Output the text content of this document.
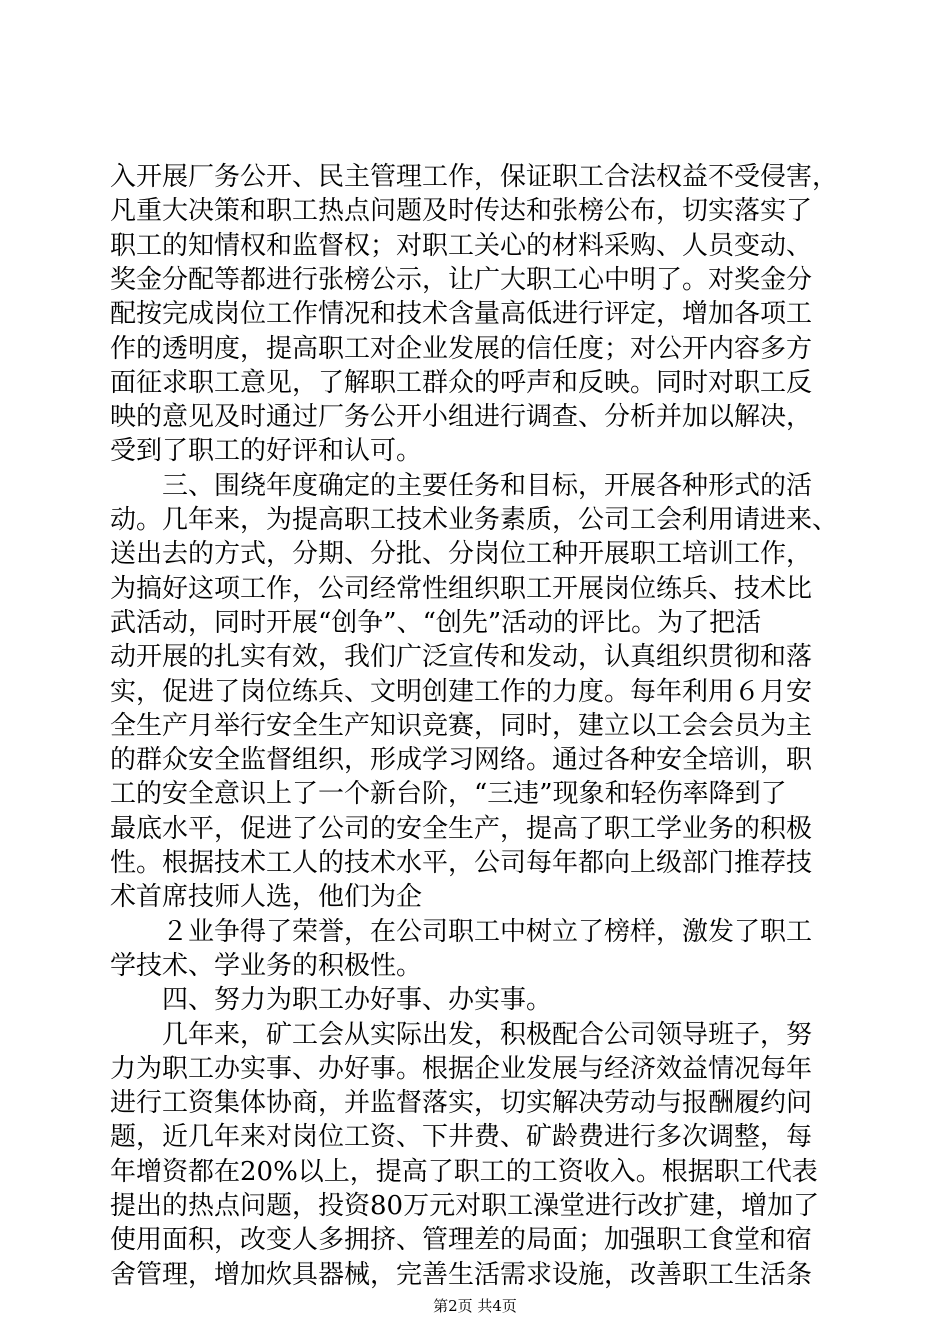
入开展厂务公开、民主管理工作，保证职工合法权益不受侵害，
凡重大决策和职工热点问题及时传达和张榜公布，切实落实了
职工的知情权和监督权；对职工关心的材料采购、人员变动、
奖金分配等都进行张榜公示，让广大职工心中明了。对奖金分
配按完成岗位工作情况和技术含量高低进行评定，增加各项工
作的透明度，提高职工对企业发展的信任度；对公开内容多方
面征求职工意见，了解职工群众的呼声和反映。同时对职工反
映的意见及时通过厂务公开小组进行调查、分析并加以解决，
受到了职工的好评和认可。
　　三、围绕年度确定的主要任务和目标，开展各种形式的活
动。几年来，为提高职工技术业务素质，公司工会利用请进来、
送出去的方式，分期、分批、分岗位工种开展职工培训工作，
为搞好这项工作，公司经常性组织职工开展岗位练兵、技术比
武活动，同时开展“创争”、“创先”活动的评比。为了把活
动开展的扎实有效，我们广泛宣传和发动，认真组织贯彻和落
实，促进了岗位练兵、文明创建工作的力度。每年利用６月安
全生产月举行安全生产知识竞赛，同时，建立以工会会员为主
的群众安全监督组织，形成学习网络。通过各种安全培训，职
工的安全意识上了一个新台阶，“三违”现象和轻伤率降到了
最底水平，促进了公司的安全生产，提高了职工学业务的积极
性。根据技术工人的技术水平，公司每年都向上级部门推荐技
术首席技师人选，他们为企
　　２业争得了荣誉，在公司职工中树立了榜样，激发了职工
学技术、学业务的积极性。
　　四、努力为职工办好事、办实事。
　　几年来，矿工会从实际出发，积极配合公司领导班子，努
力为职工办实事、办好事。根据企业发展与经济效益情况每年
进行工资集体协商，并监督落实，切实解决劳动与报酬履约问
题，近几年来对岗位工资、下井费、矿龄费进行多次调整，每
年增资都在20%以上，提高了职工的工资收入。根据职工代表
提出的热点问题，投资80万元对职工澡堂进行改扩建，增加了
使用面积，改变人多拥挤、管理差的局面；加强职工食堂和宿
舍管理，增加炊具器械，完善生活需求设施，改善职工生活条
第2页 共4页
